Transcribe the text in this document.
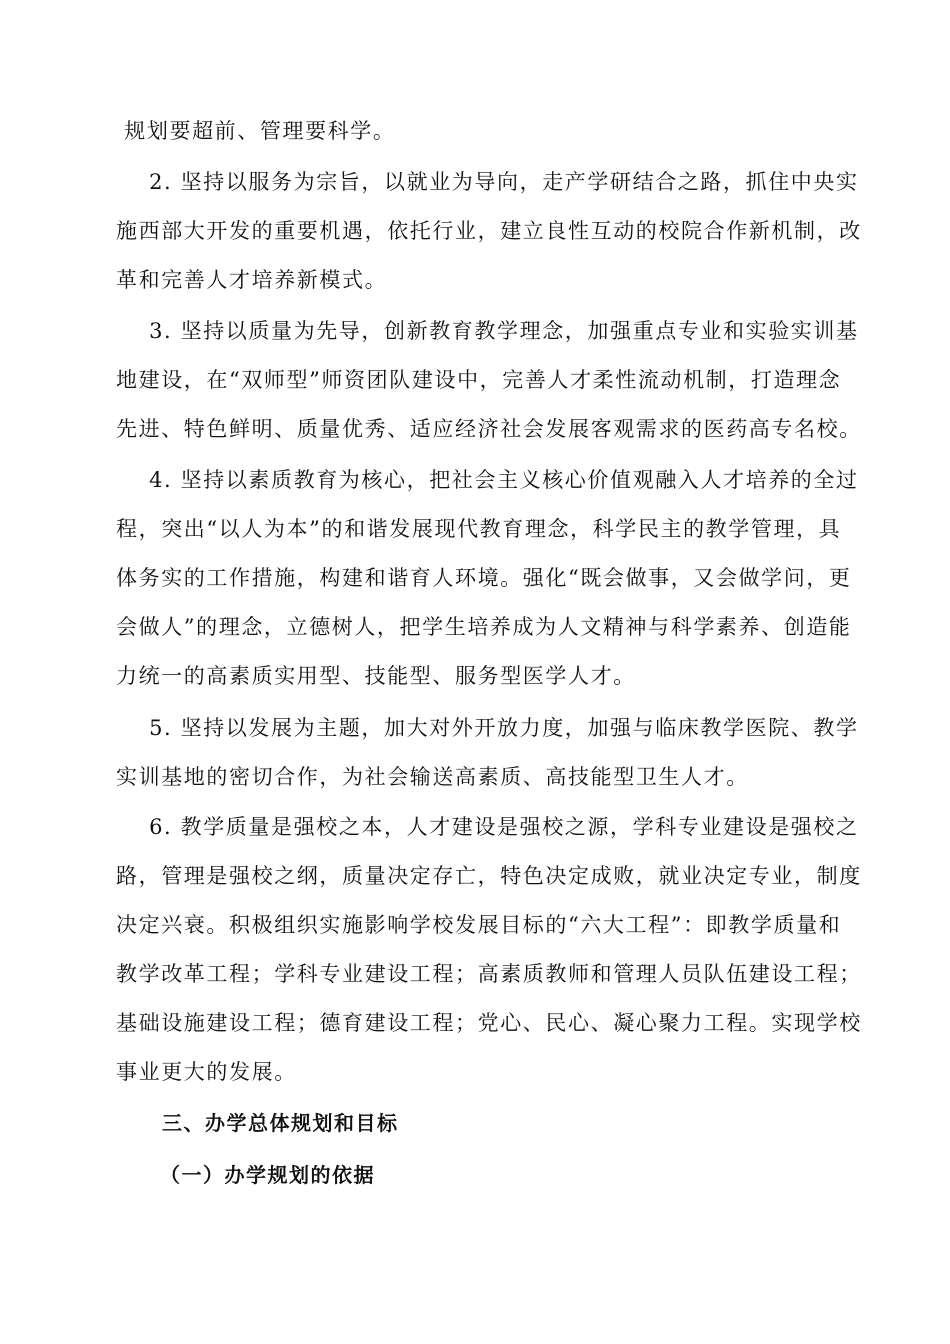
规划要超前、管理要科学。

2. 坚持以服务为宗旨，以就业为导向，走产学研结合之路，抓住中央实
施西部大开发的重要机遇，依托行业，建立良性互动的校院合作新机制，改
革和完善人才培养新模式。

3. 坚持以质量为先导，创新教育教学理念，加强重点专业和实验实训基
地建设，在“双师型”师资团队建设中，完善人才柔性流动机制，打造理念
先进、特色鲜明、质量优秀、适应经济社会发展客观需求的医药高专名校。

4. 坚持以素质教育为核心，把社会主义核心价值观融入人才培养的全过
程，突出“以人为本”的和谐发展现代教育理念，科学民主的教学管理，具
体务实的工作措施，构建和谐育人环境。强化“既会做事，又会做学问，更
会做人”的理念，立德树人，把学生培养成为人文精神与科学素养、创造能
力统一的高素质实用型、技能型、服务型医学人才。

5. 坚持以发展为主题，加大对外开放力度，加强与临床教学医院、教学
实训基地的密切合作，为社会输送高素质、高技能型卫生人才。

6. 教学质量是强校之本，人才建设是强校之源，学科专业建设是强校之
路，管理是强校之纲，质量决定存亡，特色决定成败，就业决定专业，制度
决定兴衰。积极组织实施影响学校发展目标的“六大工程”：即教学质量和
教学改革工程；学科专业建设工程；高素质教师和管理人员队伍建设工程；
基础设施建设工程；德育建设工程；党心、民心、凝心聚力工程。实现学校
事业更大的发展。

三、办学总体规划和目标
（一）办学规划的依据
